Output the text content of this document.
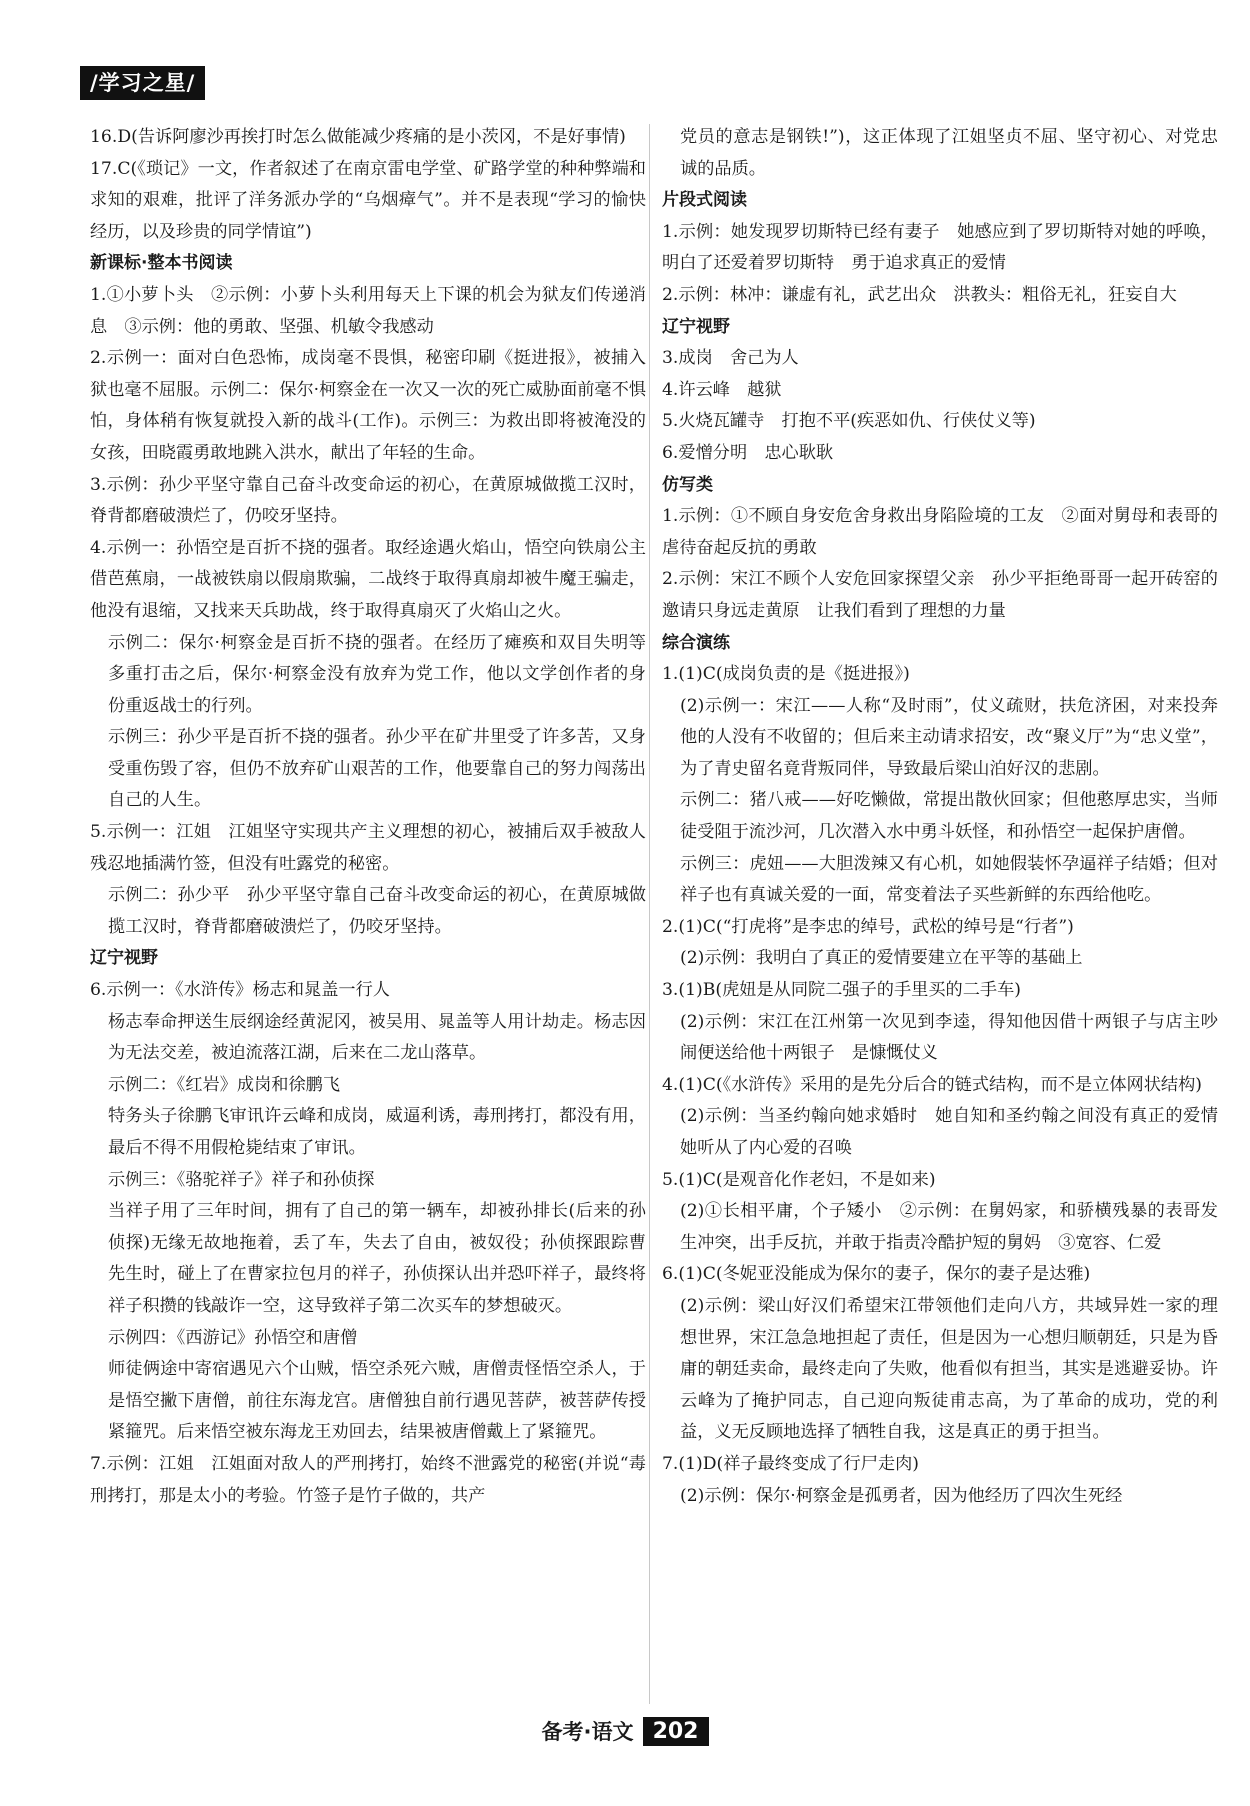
/学习之星/

16.D(告诉阿廖沙再挨打时怎么做能减少疼痛的是小茨冈，不是好事情)

17.C(《琐记》一文，作者叙述了在南京雷电学堂、矿路学堂的种种弊端和求知的艰难，批评了洋务派办学的“乌烟瘴气”。并不是表现“学习的愉快经历，以及珍贵的同学情谊”)

新课标·整本书阅读

1.①小萝卜头　②示例：小萝卜头利用每天上下课的机会为狱友们传递消息　③示例：他的勇敢、坚强、机敏令我感动

2.示例一：面对白色恐怖，成岗毫不畏惧，秘密印刷《挺进报》，被捕入狱也毫不屈服。示例二：保尔·柯察金在一次又一次的死亡威胁面前毫不惧怕，身体稍有恢复就投入新的战斗(工作)。示例三：为救出即将被淹没的女孩，田晓霞勇敢地跳入洪水，献出了年轻的生命。

3.示例：孙少平坚守靠自己奋斗改变命运的初心，在黄原城做揽工汉时，脊背都磨破溃烂了，仍咬牙坚持。

4.示例一：孙悟空是百折不挠的强者。取经途遇火焰山，悟空向铁扇公主借芭蕉扇，一战被铁扇以假扇欺骗，二战终于取得真扇却被牛魔王骗走，他没有退缩，又找来天兵助战，终于取得真扇灭了火焰山之火。

示例二：保尔·柯察金是百折不挠的强者。在经历了瘫痪和双目失明等多重打击之后，保尔·柯察金没有放弃为党工作，他以文学创作者的身份重返战士的行列。

示例三：孙少平是百折不挠的强者。孙少平在矿井里受了许多苦，又身受重伤毁了容，但仍不放弃矿山艰苦的工作，他要靠自己的努力闯荡出自己的人生。

5.示例一：江姐　江姐坚守实现共产主义理想的初心，被捕后双手被敌人残忍地插满竹签，但没有吐露党的秘密。

示例二：孙少平　孙少平坚守靠自己奋斗改变命运的初心，在黄原城做揽工汉时，脊背都磨破溃烂了，仍咬牙坚持。

辽宁视野

6.示例一：《水浒传》杨志和晁盖一行人

杨志奉命押送生辰纲途经黄泥冈，被吴用、晁盖等人用计劫走。杨志因为无法交差，被迫流落江湖，后来在二龙山落草。

示例二：《红岩》成岗和徐鹏飞

特务头子徐鹏飞审讯许云峰和成岗，威逼利诱，毒刑拷打，都没有用，最后不得不用假枪毙结束了审讯。

示例三：《骆驼祥子》祥子和孙侦探

当祥子用了三年时间，拥有了自己的第一辆车，却被孙排长(后来的孙侦探)无缘无故地拖着，丢了车，失去了自由，被奴役；孙侦探跟踪曹先生时，碰上了在曹家拉包月的祥子，孙侦探认出并恐吓祥子，最终将祥子积攒的钱敲诈一空，这导致祥子第二次买车的梦想破灭。

示例四：《西游记》孙悟空和唐僧

师徒俩途中寄宿遇见六个山贼，悟空杀死六贼，唐僧责怪悟空杀人，于是悟空撇下唐僧，前往东海龙宫。唐僧独自前行遇见菩萨，被菩萨传授紧箍咒。后来悟空被东海龙王劝回去，结果被唐僧戴上了紧箍咒。

7.示例：江姐　江姐面对敌人的严刑拷打，始终不泄露党的秘密(并说“毒刑拷打，那是太小的考验。竹签子是竹子做的，共产

党员的意志是钢铁!”)，这正体现了江姐坚贞不屈、坚守初心、对党忠诚的品质。

片段式阅读

1.示例：她发现罗切斯特已经有妻子　她感应到了罗切斯特对她的呼唤，明白了还爱着罗切斯特　勇于追求真正的爱情

2.示例：林冲：谦虚有礼，武艺出众　洪教头：粗俗无礼，狂妄自大

辽宁视野

3.成岗　舍己为人

4.许云峰　越狱

5.火烧瓦罐寺　打抱不平(疾恶如仇、行侠仗义等)

6.爱憎分明　忠心耿耿

仿写类

1.示例：①不顾自身安危舍身救出身陷险境的工友　②面对舅母和表哥的虐待奋起反抗的勇敢

2.示例：宋江不顾个人安危回家探望父亲　孙少平拒绝哥哥一起开砖窑的邀请只身远走黄原　让我们看到了理想的力量

综合演练

1.(1)C(成岗负责的是《挺进报》)

(2)示例一：宋江——人称“及时雨”，仗义疏财，扶危济困，对来投奔他的人没有不收留的；但后来主动请求招安，改“聚义厅”为“忠义堂”，为了青史留名竟背叛同伴，导致最后梁山泊好汉的悲剧。

示例二：猪八戒——好吃懒做，常提出散伙回家；但他憨厚忠实，当师徒受阻于流沙河，几次潜入水中勇斗妖怪，和孙悟空一起保护唐僧。

示例三：虎妞——大胆泼辣又有心机，如她假装怀孕逼祥子结婚；但对祥子也有真诚关爱的一面，常变着法子买些新鲜的东西给他吃。

2.(1)C(“打虎将”是李忠的绰号，武松的绰号是“行者”)

(2)示例：我明白了真正的爱情要建立在平等的基础上

3.(1)B(虎妞是从同院二强子的手里买的二手车)

(2)示例：宋江在江州第一次见到李逵，得知他因借十两银子与店主吵闹便送给他十两银子　是慷慨仗义

4.(1)C(《水浒传》采用的是先分后合的链式结构，而不是立体网状结构)

(2)示例：当圣约翰向她求婚时　她自知和圣约翰之间没有真正的爱情　她听从了内心爱的召唤

5.(1)C(是观音化作老妇，不是如来)

(2)①长相平庸，个子矮小　②示例：在舅妈家，和骄横残暴的表哥发生冲突，出手反抗，并敢于指责冷酷护短的舅妈　③宽容、仁爱

6.(1)C(冬妮亚没能成为保尔的妻子，保尔的妻子是达雅)

(2)示例：梁山好汉们希望宋江带领他们走向八方，共域异姓一家的理想世界，宋江急急地担起了责任，但是因为一心想归顺朝廷，只是为昏庸的朝廷卖命，最终走向了失败，他看似有担当，其实是逃避妥协。许云峰为了掩护同志，自己迎向叛徒甫志高，为了革命的成功，党的利益，义无反顾地选择了牺牲自我，这是真正的勇于担当。

7.(1)D(祥子最终变成了行尸走肉)

(2)示例：保尔·柯察金是孤勇者，因为他经历了四次生死经

备考·语文 202
